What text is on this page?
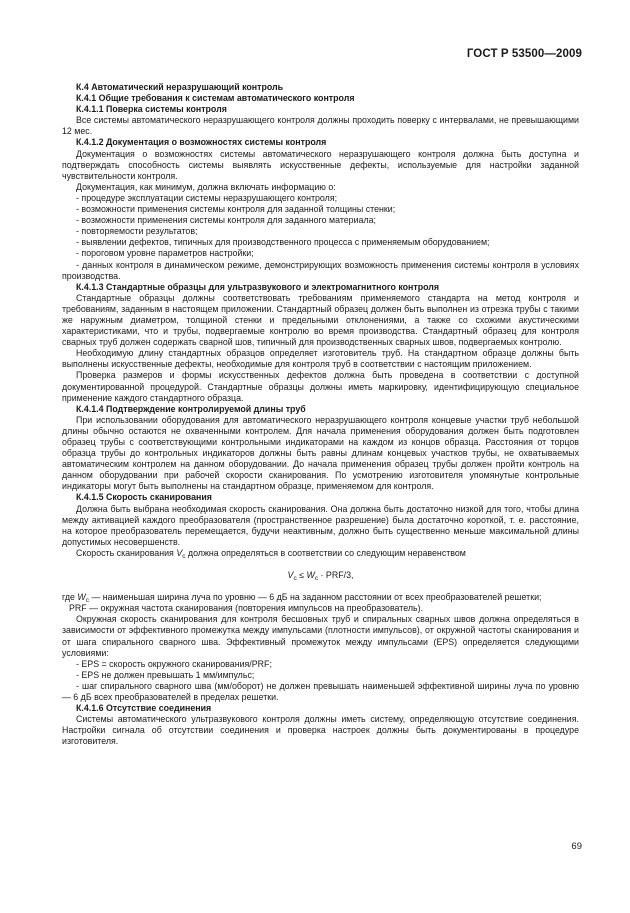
ГОСТ Р 53500—2009

К.4 Автоматический неразрушающий контроль

К.4.1 Общие требования к системам автоматического контроля

К.4.1.1 Поверка системы контроля

Все системы автоматического неразрушающего контроля должны проходить поверку с интервалами, не превышающими 12 мес.

К.4.1.2 Документация о возможностях системы контроля

Документация о возможностях системы автоматического неразрушающего контроля должна быть доступна и подтверждать способность системы выявлять искусственные дефекты, используемые для настройки заданной чувствительности контроля.

Документация, как минимум, должна включать информацию о:

- процедуре эксплуатации системы неразрушающего контроля;

- возможности применения системы контроля для заданной толщины стенки;

- возможности применения системы контроля для заданного материала;

- повторяемости результатов;

- выявлении дефектов, типичных для производственного процесса с применяемым оборудованием;

- пороговом уровне параметров настройки;

- данных контроля в динамическом режиме, демонстрирующих возможность применения системы контроля в условиях производства.

К.4.1.3 Стандартные образцы для ультразвукового и электромагнитного контроля

Стандартные образцы должны соответствовать требованиям применяемого стандарта на метод контроля и требованиям, заданным в настоящем приложении. Стандартный образец должен быть выполнен из отрезка трубы с такими же наружным диаметром, толщиной стенки и предельными отклонениями, а также со схожими акустическими характеристиками, что и трубы, подвергаемые контролю во время производства. Стандартный образец для контроля сварных труб должен содержать сварной шов, типичный для производственных сварных швов, подвергаемых контролю.

Необходимую длину стандартных образцов определяет изготовитель труб. На стандартном образце должны быть выполнены искусственные дефекты, необходимые для контроля труб в соответствии с настоящим приложением.

Проверка размеров и формы искусственных дефектов должна быть проведена в соответствии с доступной документированной процедурой. Стандартные образцы должны иметь маркировку, идентифицирующую специальное применение каждого стандартного образца.

К.4.1.4 Подтверждение контролируемой длины труб

При использовании оборудования для автоматического неразрушающего контроля концевые участки труб небольшой длины обычно остаются не охваченными контролем. Для начала применения оборудования должен быть подготовлен образец трубы с соответствующими контрольными индикаторами на каждом из концов образца. Расстояния от торцов образца трубы до контрольных индикаторов должны быть равны длинам концевых участков трубы, не охватываемых автоматическим контролем на данном оборудовании. До начала применения образец трубы должен пройти контроль на данном оборудовании при рабочей скорости сканирования. По усмотрению изготовителя упомянутые контрольные индикаторы могут быть выполнены на стандартном образце, применяемом для контроля.

К.4.1.5 Скорость сканирования

Должна быть выбрана необходимая скорость сканирования. Она должна быть достаточно низкой для того, чтобы длина между активацией каждого преобразователя (пространственное разрешение) была достаточно короткой, т. е. расстояние, на которое преобразователь перемещается, будучи неактивным, должно быть существенно меньше максимальной длины допустимых несовершенств.

Скорость сканирования $V_c$ должна определяться в соответствии со следующим неравенством

$V_c \le W_c \cdot PRF/3$,

где $W_c$ — наименьшая ширина луча по уровню — 6 дБ на заданном расстоянии от всех преобразователей решетки;

PRF — окружная частота сканирования (повторения импульсов на преобразователь).

Окружная скорость сканирования для контроля бесшовных труб и спиральных сварных швов должна определяться в зависимости от эффективного промежутка между импульсами (плотности импульсов), от окружной частоты сканирования и от шага спирального сварного шва. Эффективный промежуток между импульсами (EPS) определяется следующими условиями:

- EPS = скорость окружного сканирования/PRF;

- EPS не должен превышать 1 мм/импульс;

- шаг спирального сварного шва (мм/оборот) не должен превышать наименьшей эффективной ширины луча по уровню — 6 дБ всех преобразователей в пределах решетки.

К.4.1.6 Отсутствие соединения

Системы автоматического ультразвукового контроля должны иметь систему, определяющую отсутствие соединения. Настройки сигнала об отсутствии соединения и проверка настроек должны быть документированы в процедуре изготовителя.

69
